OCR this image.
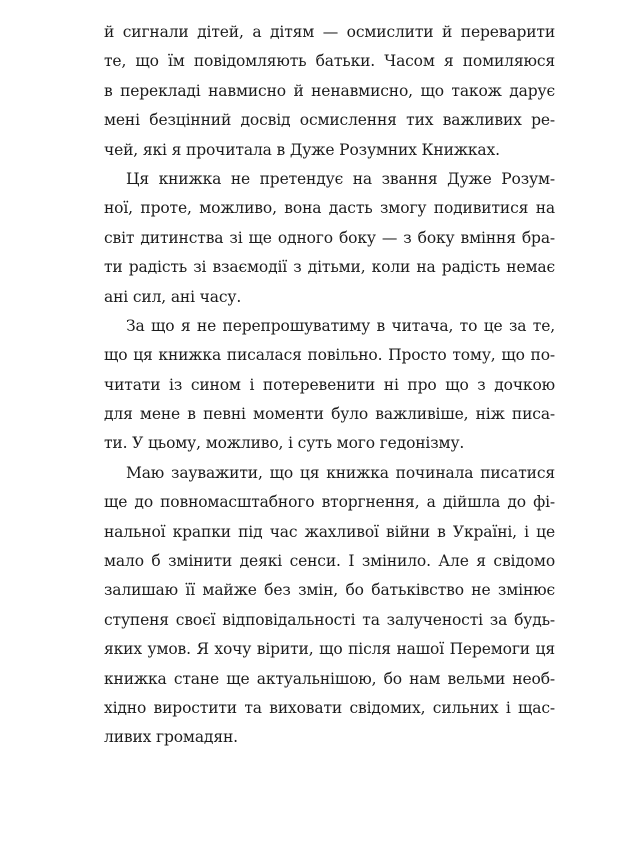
й сигнали дітей, а дітям — осмислити й переварити
те, що їм повідомляють батьки. Часом я помиляюся
в перекладі навмисно й ненавмисно, що також дарує
мені безцінний досвід осмислення тих важливих ре-
чей, які я прочитала в Дуже Розумних Книжках.
Ця книжка не претендує на звання Дуже Розум-
ної, проте, можливо, вона дасть змогу подивитися на
світ дитинства зі ще одного боку — з боку вміння бра-
ти радість зі взаємодії з дітьми, коли на радість немає
ані сил, ані часу.
За що я не перепрошуватиму в читача, то це за те,
що ця книжка писалася повільно. Просто тому, що по-
читати із сином і потеревенити ні про що з дочкою
для мене в певні моменти було важливіше, ніж писа-
ти. У цьому, можливо, і суть мого гедонізму.
Маю зауважити, що ця книжка починала писатися
ще до повномасштабного вторгнення, а дійшла до фі-
нальної крапки під час жахливої війни в Україні, і це
мало б змінити деякі сенси. І змінило. Але я свідомо
залишаю її майже без змін, бо батьківство не змінює
ступеня своєї відповідальності та залученості за будь-
яких умов. Я хочу вірити, що після нашої Перемоги ця
книжка стане ще актуальнішою, бо нам вельми необ-
хідно виростити та виховати свідомих, сильних і щас-
ливих громадян.
